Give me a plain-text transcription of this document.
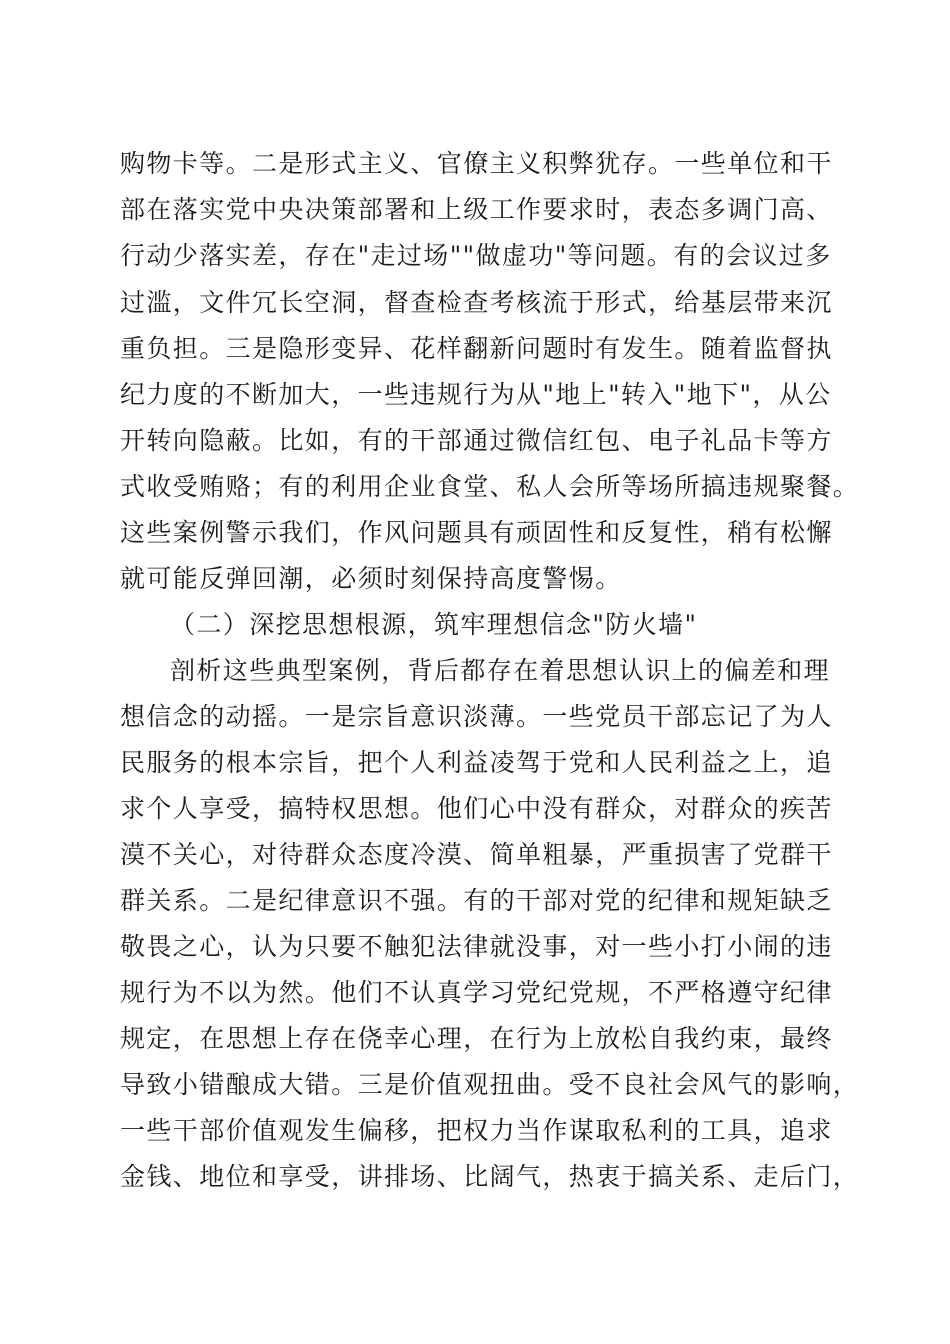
购物卡等。二是形式主义、官僚主义积弊犹存。一些单位和干
部在落实党中央决策部署和上级工作要求时，表态多调门高、
行动少落实差，存在"走过场""做虚功"等问题。有的会议过多
过滥，文件冗长空洞，督查检查考核流于形式，给基层带来沉
重负担。三是隐形变异、花样翻新问题时有发生。随着监督执
纪力度的不断加大，一些违规行为从"地上"转入"地下"，从公
开转向隐蔽。比如，有的干部通过微信红包、电子礼品卡等方
式收受贿赂；有的利用企业食堂、私人会所等场所搞违规聚餐。
这些案例警示我们，作风问题具有顽固性和反复性，稍有松懈
就可能反弹回潮，必须时刻保持高度警惕。
（二）深挖思想根源，筑牢理想信念"防火墙"
剖析这些典型案例，背后都存在着思想认识上的偏差和理
想信念的动摇。一是宗旨意识淡薄。一些党员干部忘记了为人
民服务的根本宗旨，把个人利益凌驾于党和人民利益之上，追
求个人享受，搞特权思想。他们心中没有群众，对群众的疾苦
漠不关心，对待群众态度冷漠、简单粗暴，严重损害了党群干
群关系。二是纪律意识不强。有的干部对党的纪律和规矩缺乏
敬畏之心，认为只要不触犯法律就没事，对一些小打小闹的违
规行为不以为然。他们不认真学习党纪党规，不严格遵守纪律
规定，在思想上存在侥幸心理，在行为上放松自我约束，最终
导致小错酿成大错。三是价值观扭曲。受不良社会风气的影响，
一些干部价值观发生偏移，把权力当作谋取私利的工具，追求
金钱、地位和享受，讲排场、比阔气，热衷于搞关系、走后门，
